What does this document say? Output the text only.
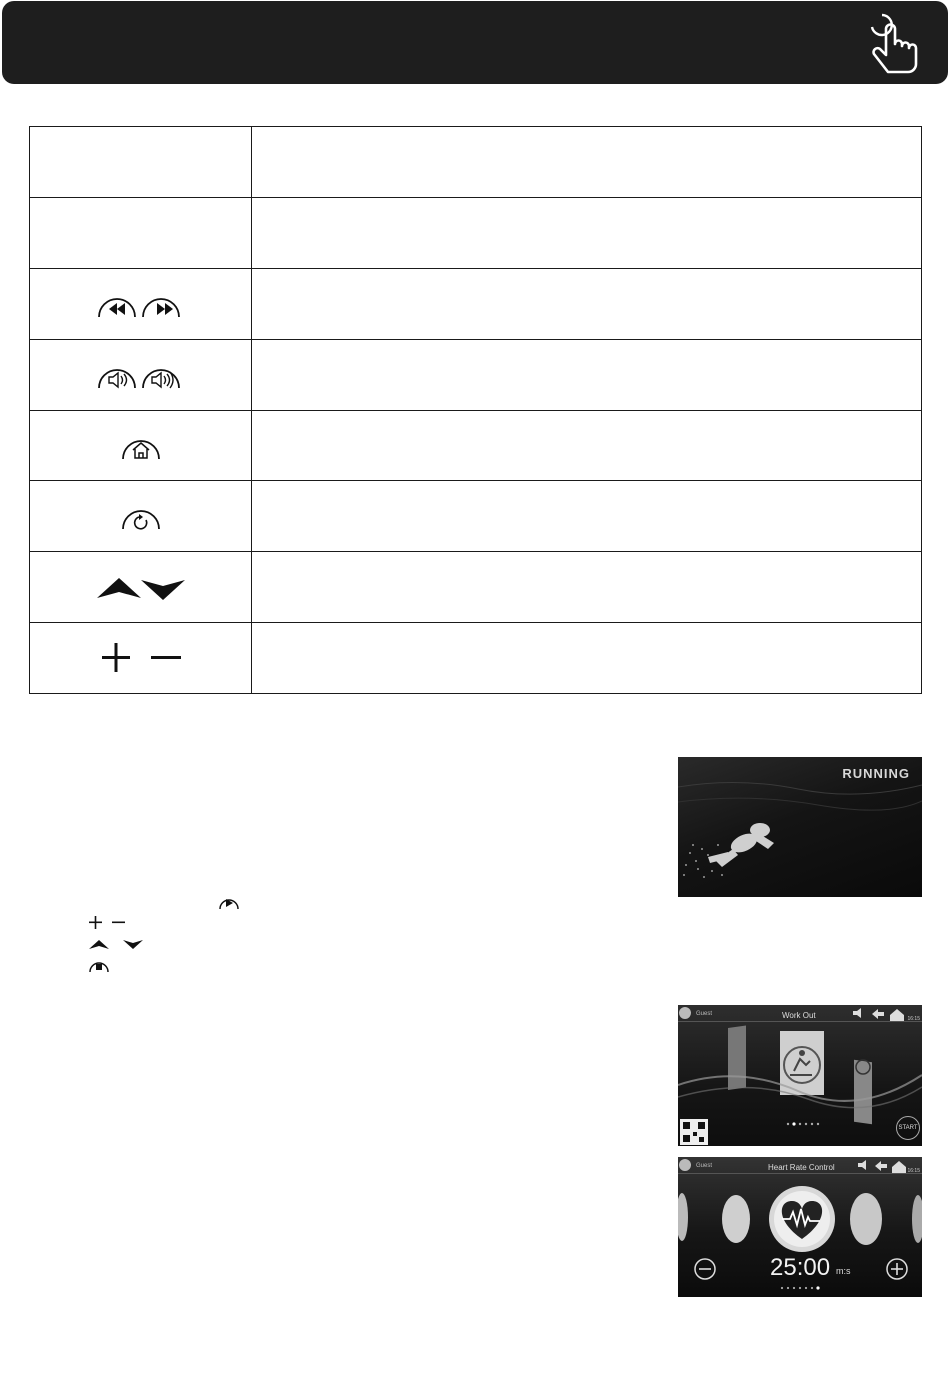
RUNNING
Guest	Work Out	16:15
START
Guest	Heart Rate Control	16:15
25:00 m:s
